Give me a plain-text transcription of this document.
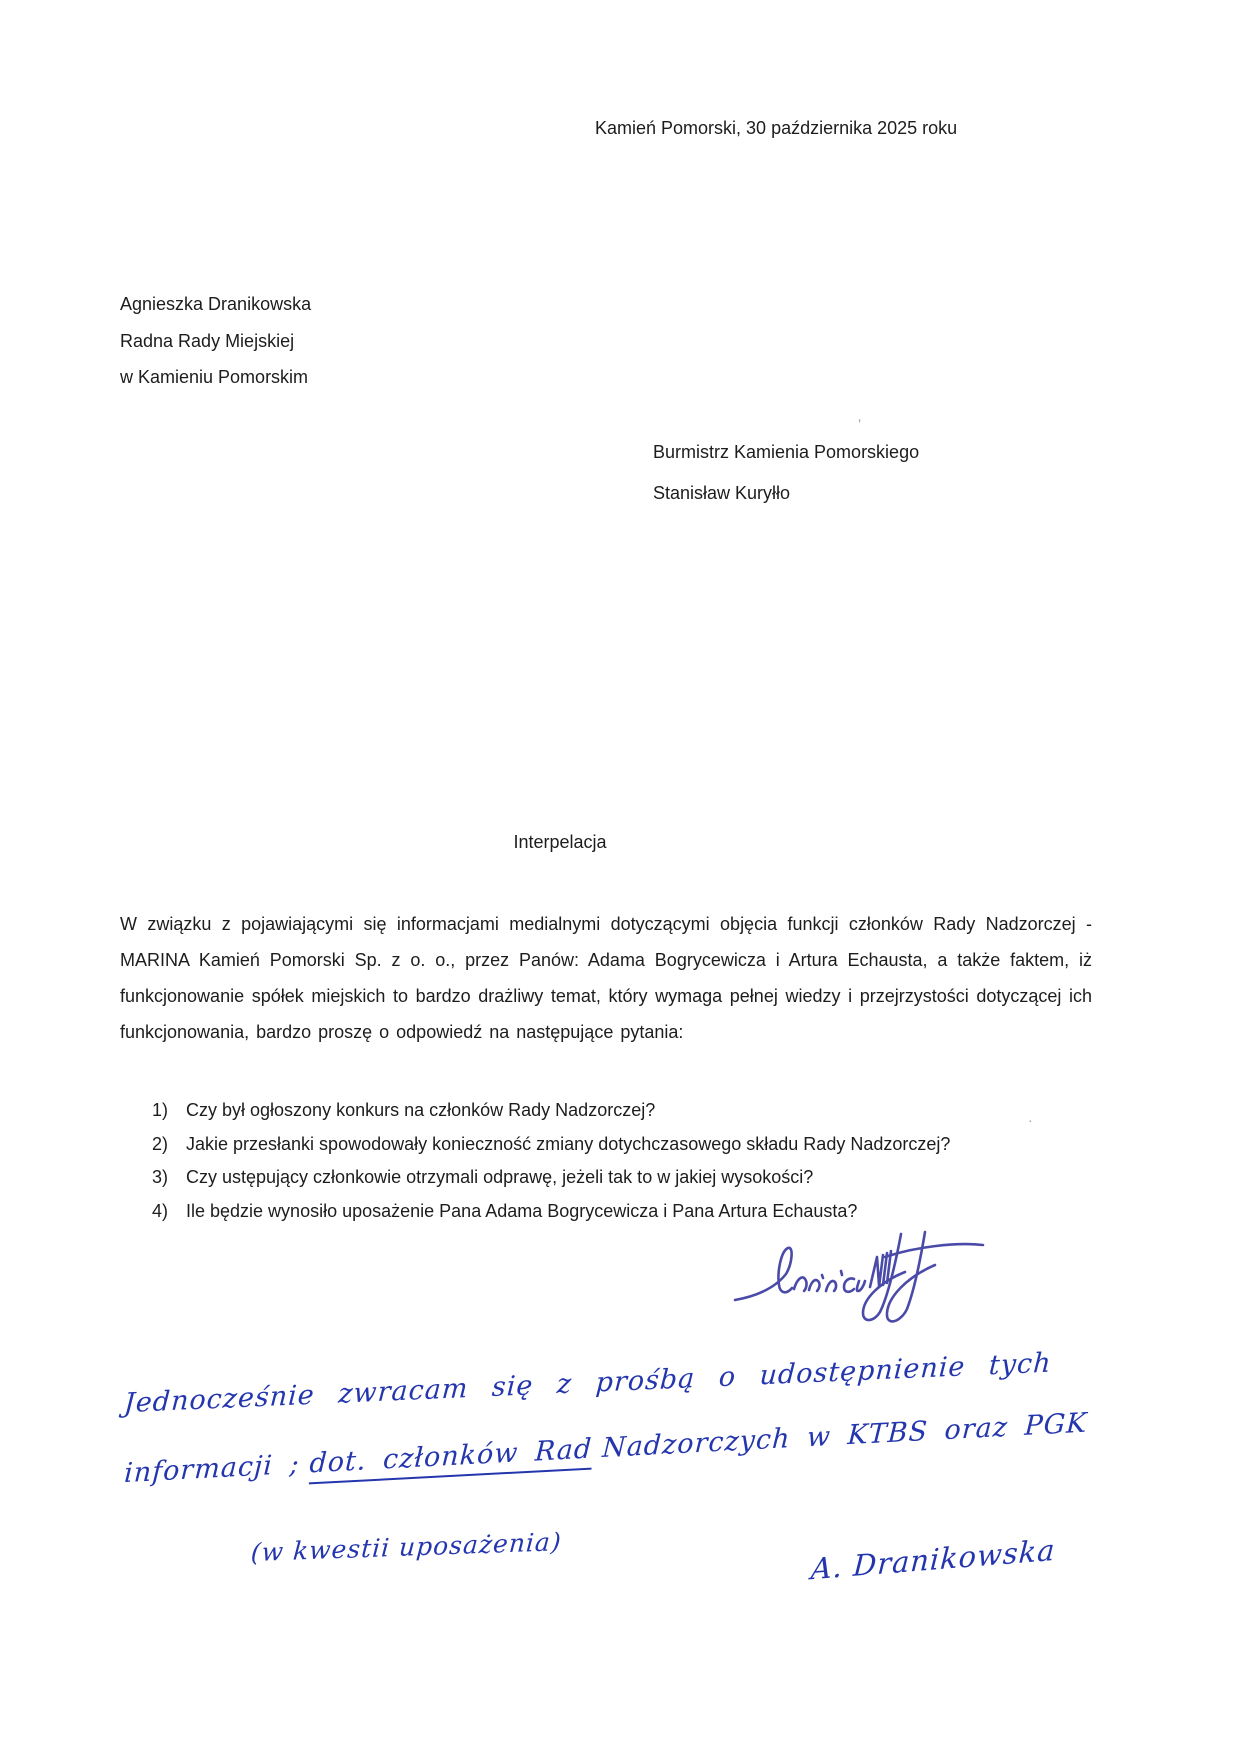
Kamień Pomorski, 30 października 2025 roku
Agnieszka Dranikowska
Radna Rady Miejskiej
w Kamieniu Pomorskim
’
Burmistrz Kamienia Pomorskiego
Stanisław Kuryłło
Interpelacja
W związku z pojawiającymi się informacjami medialnymi dotyczącymi objęcia funkcji członków Rady Nadzorczej - MARINA Kamień Pomorski Sp. z o. o., przez Panów: Adama Bogrycewicza i Artura Echausta, a także faktem, iż funkcjonowanie spółek miejskich to bardzo drażliwy temat, który wymaga pełnej wiedzy i przejrzystości dotyczącej ich funkcjonowania, bardzo proszę o odpowiedź na następujące pytania:
1) Czy był ogłoszony konkurs na członków Rady Nadzorczej?
2) Jakie przesłanki spowodowały konieczność zmiany dotychczasowego składu Rady Nadzorczej?
3) Czy ustępujący członkowie otrzymali odprawę, jeżeli tak to w jakiej wysokości?
4) Ile będzie wynosiło uposażenie Pana Adama Bogrycewicza i Pana Artura Echausta?
·
Jednocześnie zwracam się z prośbą o udostępnienie tych
informacji ; dot. członków Rad Nadzorczych w KTBS oraz PGK
(w kwestii uposażenia)	A. Dranikowska
